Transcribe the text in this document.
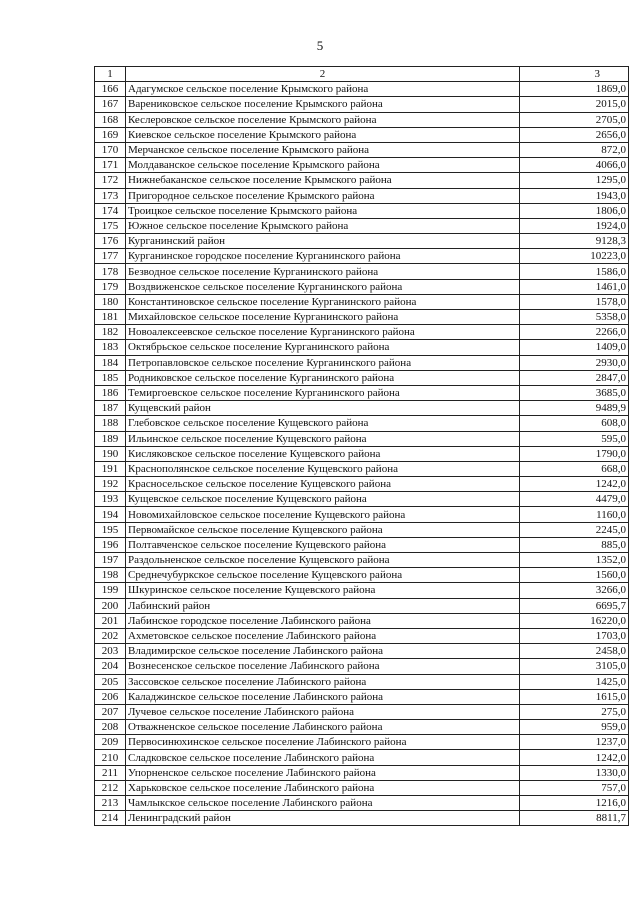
5
1	2	3
166	Адагумское сельское поселение Крымского района	1869,0
167	Варениковское сельское поселение Крымского района	2015,0
168	Кеслеровское сельское поселение Крымского района	2705,0
169	Киевское сельское поселение Крымского района	2656,0
170	Мерчанское сельское поселение Крымского района	872,0
171	Молдаванское сельское поселение Крымского района	4066,0
172	Нижнебаканское сельское поселение Крымского района	1295,0
173	Пригородное сельское поселение Крымского района	1943,0
174	Троицкое сельское поселение Крымского района	1806,0
175	Южное сельское поселение Крымского района	1924,0
176	Курганинский район	9128,3
177	Курганинское городское поселение Курганинского района	10223,0
178	Безводное сельское поселение Курганинского района	1586,0
179	Воздвиженское сельское поселение Курганинского района	1461,0
180	Константиновское сельское поселение Курганинского района	1578,0
181	Михайловское сельское поселение Курганинского района	5358,0
182	Новоалексеевское сельское поселение Курганинского района	2266,0
183	Октябрьское сельское поселение Курганинского района	1409,0
184	Петропавловское сельское поселение Курганинского района	2930,0
185	Родниковское сельское поселение Курганинского района	2847,0
186	Темиргоевское сельское поселение Курганинского района	3685,0
187	Кущевский район	9489,9
188	Глебовское сельское поселение Кущевского района	608,0
189	Ильинское сельское поселение Кущевского района	595,0
190	Кисляковское сельское поселение Кущевского района	1790,0
191	Краснополянское сельское поселение Кущевского района	668,0
192	Красносельское сельское поселение Кущевского района	1242,0
193	Кущевское сельское поселение Кущевского района	4479,0
194	Новомихайловское сельское поселение Кущевского района	1160,0
195	Первомайское сельское поселение Кущевского района	2245,0
196	Полтавченское сельское поселение Кущевского района	885,0
197	Раздольненское сельское поселение Кущевского района	1352,0
198	Среднечубуркское сельское поселение Кущевского района	1560,0
199	Шкуринское сельское поселение Кущевского района	3266,0
200	Лабинский район	6695,7
201	Лабинское городское поселение Лабинского района	16220,0
202	Ахметовское сельское поселение Лабинского района	1703,0
203	Владимирское сельское поселение Лабинского района	2458,0
204	Вознесенское сельское поселение Лабинского района	3105,0
205	Зассовское сельское поселение Лабинского района	1425,0
206	Каладжинское сельское поселение Лабинского района	1615,0
207	Лучевое сельское поселение Лабинского района	275,0
208	Отважненское сельское поселение Лабинского района	959,0
209	Первосинюхинское сельское поселение Лабинского района	1237,0
210	Сладковское сельское поселение Лабинского района	1242,0
211	Упорненское сельское поселение Лабинского района	1330,0
212	Харьковское сельское поселение Лабинского района	757,0
213	Чамлыкское сельское поселение Лабинского района	1216,0
214	Ленинградский район	8811,7
